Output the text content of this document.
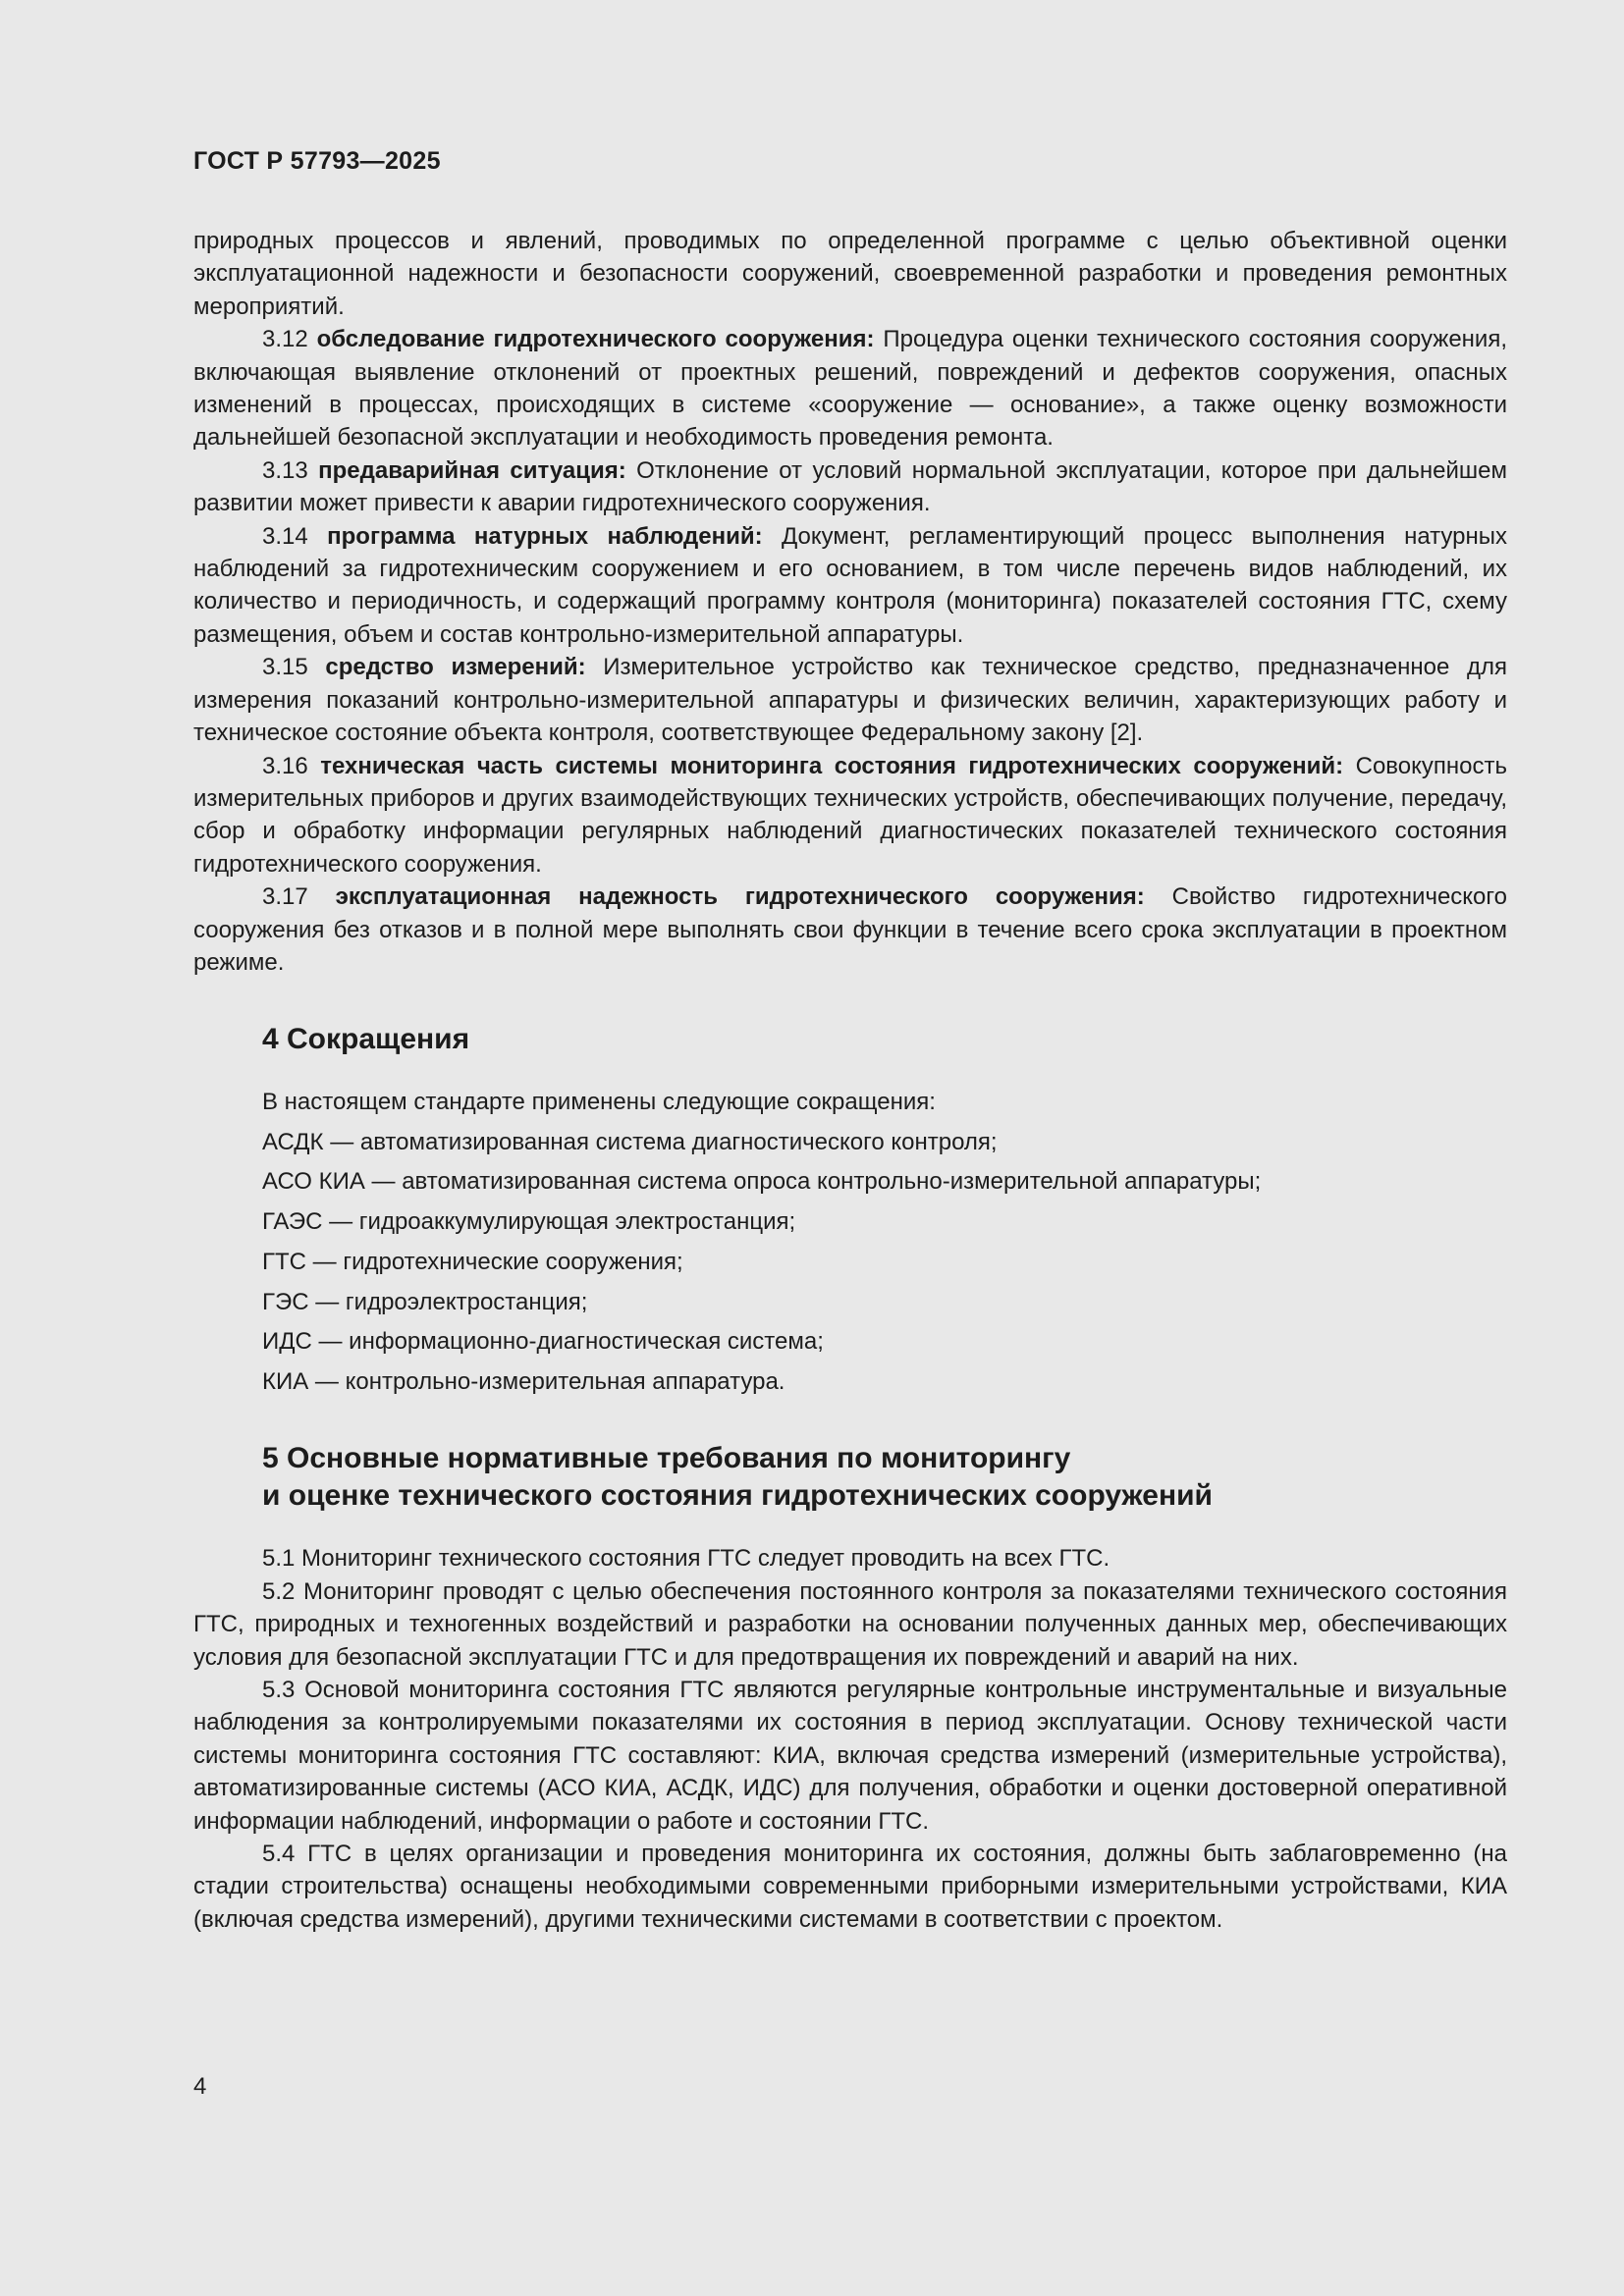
ГОСТ Р 57793—2025

природных процессов и явлений, проводимых по определенной программе с целью объективной оценки эксплуатационной надежности и безопасности сооружений, своевременной разработки и проведения ремонтных мероприятий.

3.12 обследование гидротехнического сооружения: Процедура оценки технического состояния сооружения, включающая выявление отклонений от проектных решений, повреждений и дефектов сооружения, опасных изменений в процессах, происходящих в системе «сооружение — основание», а также оценку возможности дальнейшей безопасной эксплуатации и необходимость проведения ремонта.

3.13 предаварийная ситуация: Отклонение от условий нормальной эксплуатации, которое при дальнейшем развитии может привести к аварии гидротехнического сооружения.

3.14 программа натурных наблюдений: Документ, регламентирующий процесс выполнения натурных наблюдений за гидротехническим сооружением и его основанием, в том числе перечень видов наблюдений, их количество и периодичность, и содержащий программу контроля (мониторинга) показателей состояния ГТС, схему размещения, объем и состав контрольно-измерительной аппаратуры.

3.15 средство измерений: Измерительное устройство как техническое средство, предназначенное для измерения показаний контрольно-измерительной аппаратуры и физических величин, характеризующих работу и техническое состояние объекта контроля, соответствующее Федеральному закону [2].

3.16 техническая часть системы мониторинга состояния гидротехнических сооружений: Совокупность измерительных приборов и других взаимодействующих технических устройств, обеспечивающих получение, передачу, сбор и обработку информации регулярных наблюдений диагностических показателей технического состояния гидротехнического сооружения.

3.17 эксплуатационная надежность гидротехнического сооружения: Свойство гидротехнического сооружения без отказов и в полной мере выполнять свои функции в течение всего срока эксплуатации в проектном режиме.

4 Сокращения

В настоящем стандарте применены следующие сокращения:

АСДК — автоматизированная система диагностического контроля;
АСО КИА — автоматизированная система опроса контрольно-измерительной аппаратуры;
ГАЭС — гидроаккумулирующая электростанция;
ГТС — гидротехнические сооружения;
ГЭС — гидроэлектростанция;
ИДС — информационно-диагностическая система;
КИА — контрольно-измерительная аппаратура.
5 Основные нормативные требования по мониторингу
и оценке технического состояния гидротехнических сооружений

5.1 Мониторинг технического состояния ГТС следует проводить на всех ГТС.

5.2 Мониторинг проводят с целью обеспечения постоянного контроля за показателями технического состояния ГТС, природных и техногенных воздействий и разработки на основании полученных данных мер, обеспечивающих условия для безопасной эксплуатации ГТС и для предотвращения их повреждений и аварий на них.

5.3 Основой мониторинга состояния ГТС являются регулярные контрольные инструментальные и визуальные наблюдения за контролируемыми показателями их состояния в период эксплуатации. Основу технической части системы мониторинга состояния ГТС составляют: КИА, включая средства измерений (измерительные устройства), автоматизированные системы (АСО КИА, АСДК, ИДС) для получения, обработки и оценки достоверной оперативной информации наблюдений, информации о работе и состоянии ГТС.

5.4 ГТС в целях организации и проведения мониторинга их состояния, должны быть заблаговременно (на стадии строительства) оснащены необходимыми современными приборными измерительными устройствами, КИА (включая средства измерений), другими техническими системами в соответствии с проектом.

4
